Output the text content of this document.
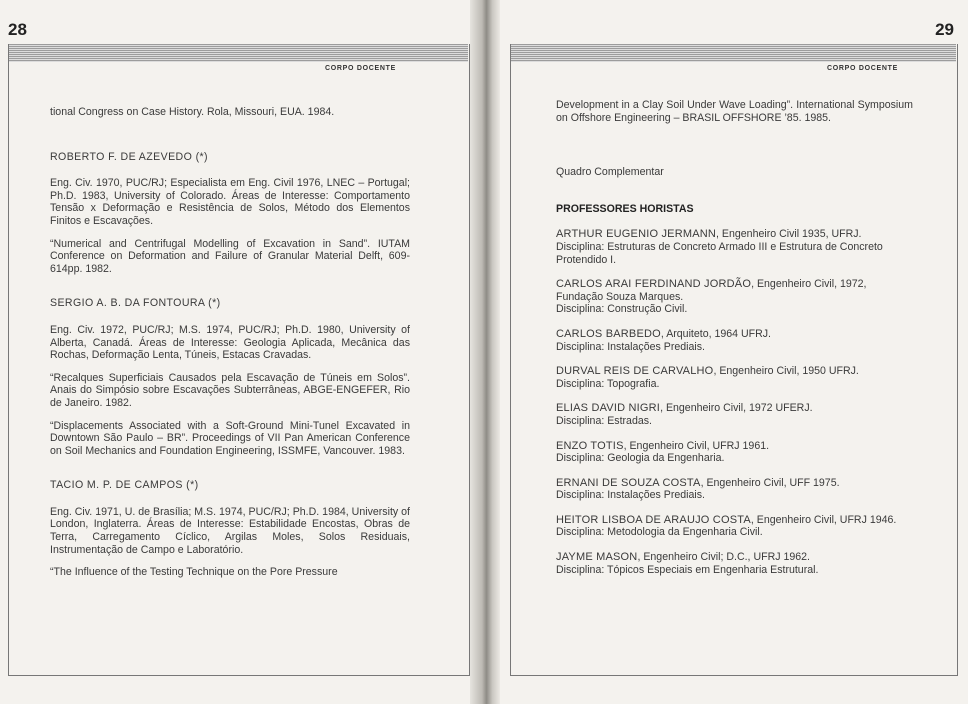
28
CORPO DOCENTE

tional Congress on Case History. Rola, Missouri, EUA. 1984.

ROBERTO F. DE AZEVEDO (*)

Eng. Civ. 1970, PUC/RJ; Especialista em Eng. Civil 1976, LNEC – Portugal; Ph.D. 1983, University of Colorado. Áreas de Interesse: Comportamento Tensão x Deformação e Resistência de Solos, Método dos Elementos Finitos e Escavações.

“Numerical and Centrifugal Modelling of Excavation in Sand”. IUTAM Conference on Deformation and Failure of Granular Material Delft, 609-614pp. 1982.

SERGIO A. B. DA FONTOURA (*)

Eng. Civ. 1972, PUC/RJ; M.S. 1974, PUC/RJ; Ph.D. 1980, University of Alberta, Canadá. Áreas de Interesse: Geologia Aplicada, Mecânica das Rochas, Deformação Lenta, Túneis, Estacas Cravadas.

“Recalques Superficiais Causados pela Escavação de Túneis em Solos”. Anais do Simpósio sobre Escavações Subterrâneas, ABGE-ENGEFER, Rio de Janeiro. 1982.

“Displacements Associated with a Soft-Ground Mini-Tunel Excavated in Downtown São Paulo – BR”. Proceedings of VII Pan American Conference on Soil Mechanics and Foundation Engineering, ISSMFE, Vancouver. 1983.

TACIO M. P. DE CAMPOS (*)

Eng. Civ. 1971, U. de Brasília; M.S. 1974, PUC/RJ; Ph.D. 1984, University of London, Inglaterra. Áreas de Interesse: Estabilidade Encostas, Obras de Terra, Carregamento Cíclico, Argilas Moles, Solos Residuais, Instrumentação de Campo e Laboratório.

“The Influence of the Testing Technique on the Pore Pressure

29
CORPO DOCENTE

Development in a Clay Soil Under Wave Loading”. International Symposium on Offshore Engineering – BRASIL OFFSHORE ’85. 1985.

Quadro Complementar

PROFESSORES HORISTAS

ARTHUR EUGENIO JERMANN, Engenheiro Civil 1935, UFRJ.

Disciplina: Estruturas de Concreto Armado III e Estrutura de Concreto Protendido I.

CARLOS ARAI FERDINAND JORDÃO, Engenheiro Civil, 1972, Fundação Souza Marques.

Disciplina: Construção Civil.

CARLOS BARBEDO, Arquiteto, 1964 UFRJ.

Disciplina: Instalações Prediais.

DURVAL REIS DE CARVALHO, Engenheiro Civil, 1950 UFRJ.

Disciplina: Topografia.

ELIAS DAVID NIGRI, Engenheiro Civil, 1972 UFERJ.

Disciplina: Estradas.

ENZO TOTIS, Engenheiro Civil, UFRJ 1961.

Disciplina: Geologia da Engenharia.

ERNANI DE SOUZA COSTA, Engenheiro Civil, UFF 1975.

Disciplina: Instalações Prediais.

HEITOR LISBOA DE ARAUJO COSTA, Engenheiro Civil, UFRJ 1946.

Disciplina: Metodologia da Engenharia Civil.

JAYME MASON, Engenheiro Civil; D.C., UFRJ 1962.

Disciplina: Tópicos Especiais em Engenharia Estrutural.
